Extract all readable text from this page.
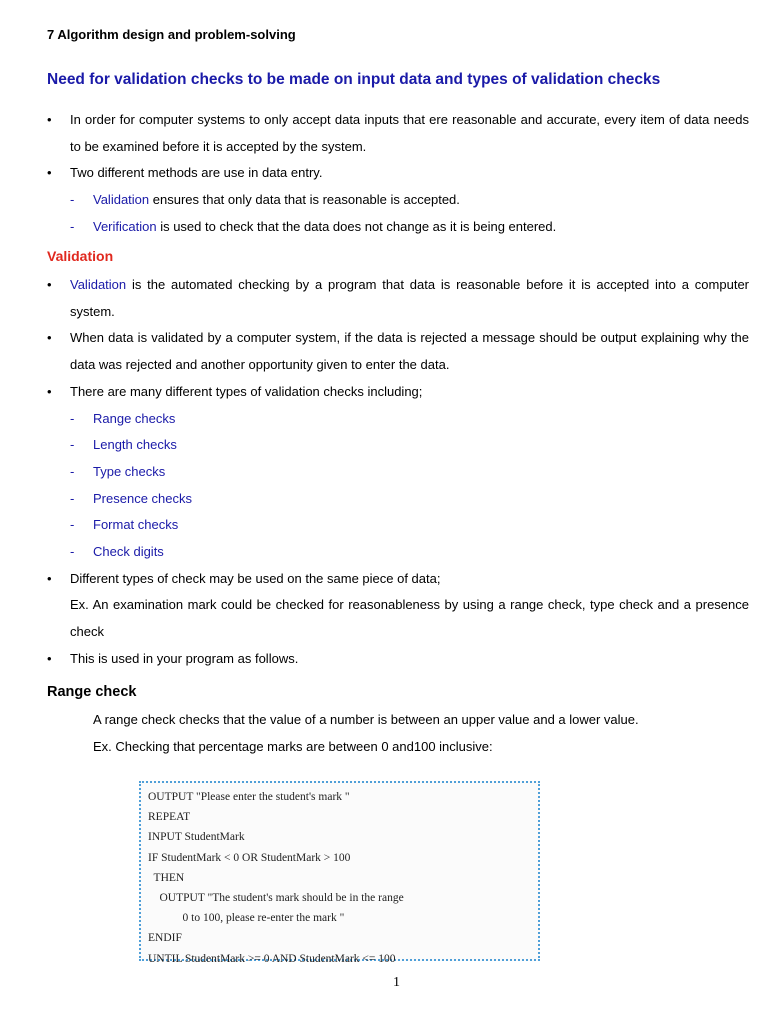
7 Algorithm design and problem-solving
Need for validation checks to be made on input data and types of validation checks
• In order for computer systems to only accept data inputs that ere reasonable and accurate, every item of data needs to be examined before it is accepted by the system.
• Two different methods are use in data entry.
- Validation ensures that only data that is reasonable is accepted.
- Verification is used to check that the data does not change as it is being entered.
Validation
• Validation is the automated checking by a program that data is reasonable before it is accepted into a computer system.
• When data is validated by a computer system, if the data is rejected a message should be output explaining why the data was rejected and another opportunity given to enter the data.
• There are many different types of validation checks including;
- Range checks
- Length checks
- Type checks
- Presence checks
- Format checks
- Check digits
• Different types of check may be used on the same piece of data;
Ex. An examination mark could be checked for reasonableness by using a range check, type check and a presence check
• This is used in your program as follows.
Range check
A range check checks that the value of a number is between an upper value and a lower value.
Ex. Checking that percentage marks are between 0 and100 inclusive:
OUTPUT "Please enter the student's mark "
REPEAT
INPUT StudentMark
IF StudentMark < 0 OR StudentMark > 100
THEN
OUTPUT "The student's mark should be in the range
0 to 100, please re-enter the mark "
ENDIF
UNTIL StudentMark >= 0 AND StudentMark <= 100
1
